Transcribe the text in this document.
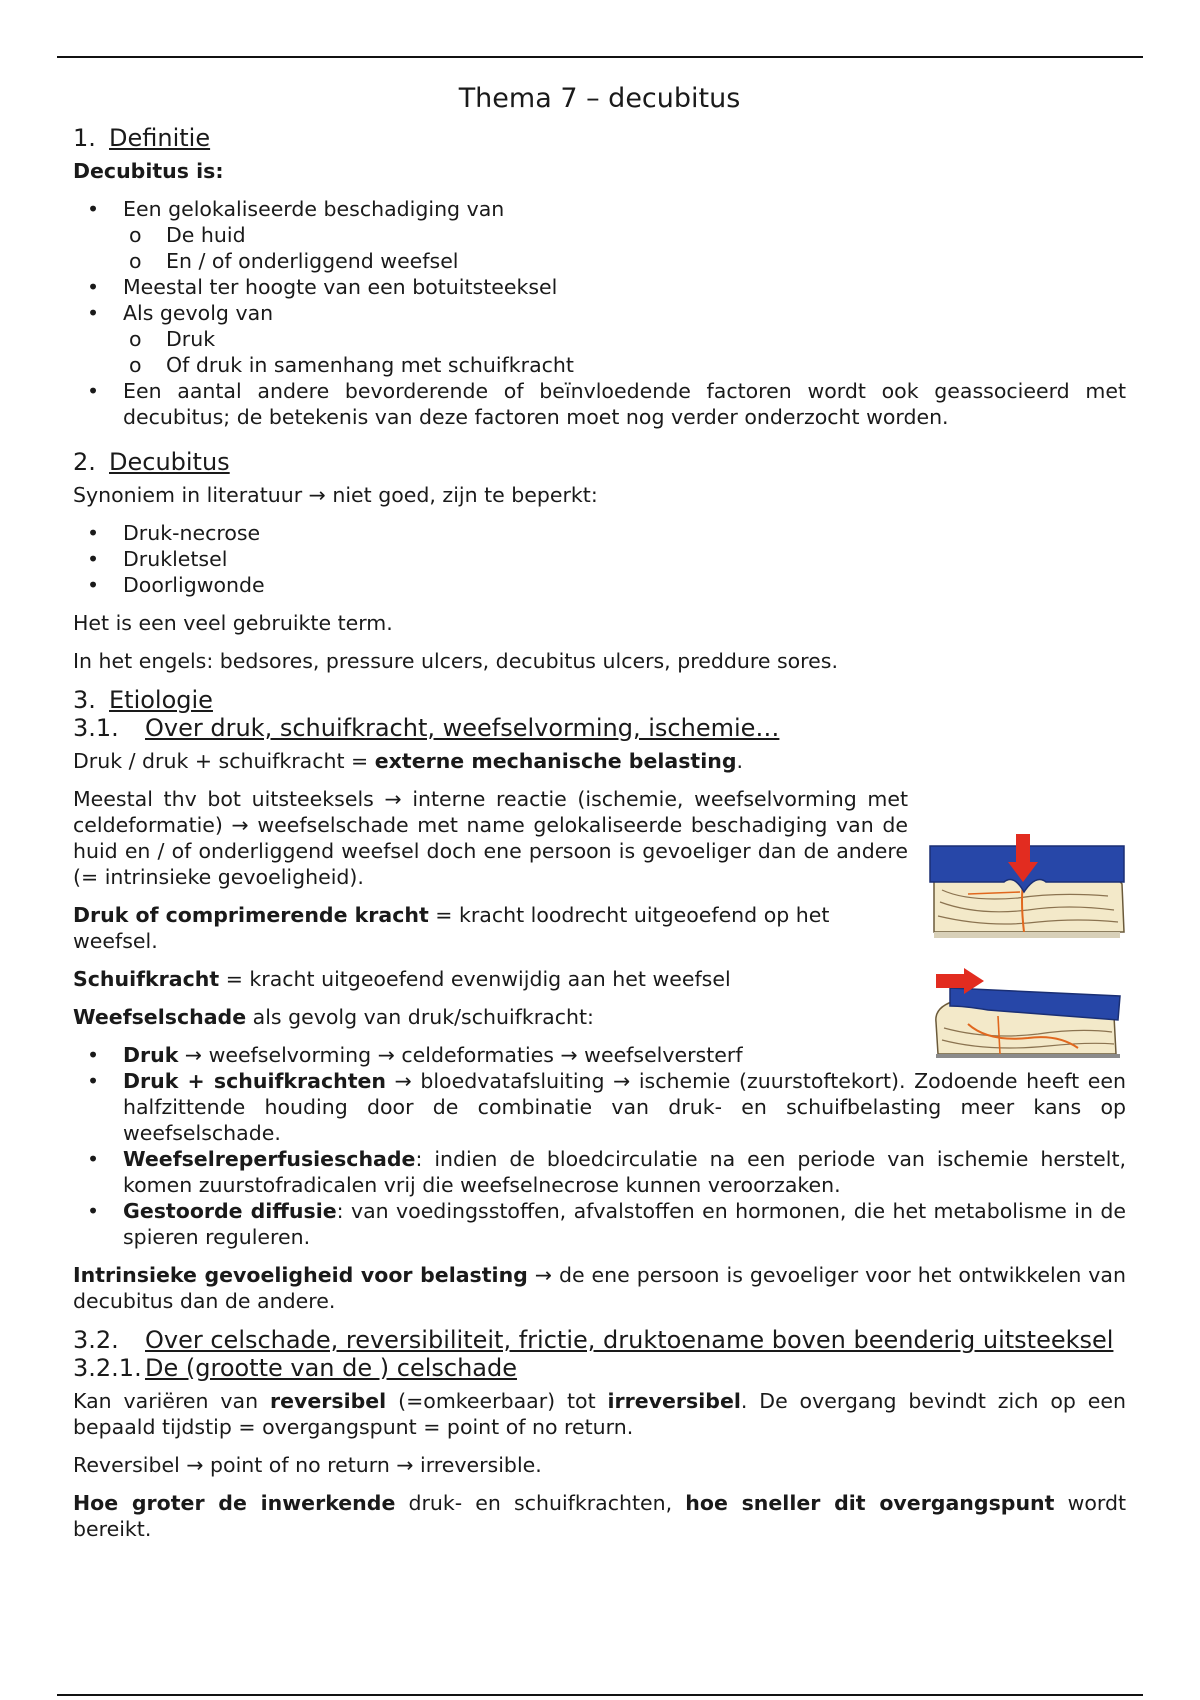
Thema 7 – decubitus
1. Definitie

Decubitus is:

• Een gelokaliseerde beschadiging van
o De huid
o En / of onderliggend weefsel
• Meestal ter hoogte van een botuitsteeksel
• Als gevolg van
o Druk
o Of druk in samenhang met schuifkracht
• Een aantal andere bevorderende of beïnvloedende factoren wordt ook geassocieerd met decubitus; de betekenis van deze factoren moet nog verder onderzocht worden.
2. Decubitus

Synoniem in literatuur → niet goed, zijn te beperkt:

• Druk-necrose
• Drukletsel
• Doorligwonde

Het is een veel gebruikte term.

In het engels: bedsores, pressure ulcers, decubitus ulcers, preddure sores.

3. Etiologie
3.1. Over druk, schuifkracht, weefselvorming, ischemie…

Druk / druk + schuifkracht = externe mechanische belasting.

Meestal thv bot uitsteeksels → interne reactie (ischemie, weefselvorming met celdeformatie) → weefselschade met name gelokaliseerde beschadiging van de huid en / of onderliggend weefsel doch ene persoon is gevoeliger dan de andere (= intrinsieke gevoeligheid).

Druk of comprimerende kracht = kracht loodrecht uitgeoefend op het weefsel.

Schuifkracht = kracht uitgeoefend evenwijdig aan het weefsel

Weefselschade als gevolg van druk/schuifkracht:

• Druk → weefselvorming → celdeformaties → weefselversterf
• Druk + schuifkrachten → bloedvatafsluiting → ischemie (zuurstoftekort). Zodoende heeft een halfzittende houding door de combinatie van druk- en schuifbelasting meer kans op weefselschade.
• Weefselreperfusieschade: indien de bloedcirculatie na een periode van ischemie herstelt, komen zuurstofradicalen vrij die weefselnecrose kunnen veroorzaken.
• Gestoorde diffusie: van voedingsstoffen, afvalstoffen en hormonen, die het metabolisme in de spieren reguleren.

Intrinsieke gevoeligheid voor belasting → de ene persoon is gevoeliger voor het ontwikkelen van decubitus dan de andere.

3.2. Over celschade, reversibiliteit, frictie, druktoename boven beenderig uitsteeksel
3.2.1. De (grootte van de ) celschade

Kan variëren van reversibel (=omkeerbaar) tot irreversibel. De overgang bevindt zich op een bepaald tijdstip = overgangspunt = point of no return.

Reversibel → point of no return → irreversible.

Hoe groter de inwerkende druk- en schuifkrachten, hoe sneller dit overgangspunt wordt bereikt.
